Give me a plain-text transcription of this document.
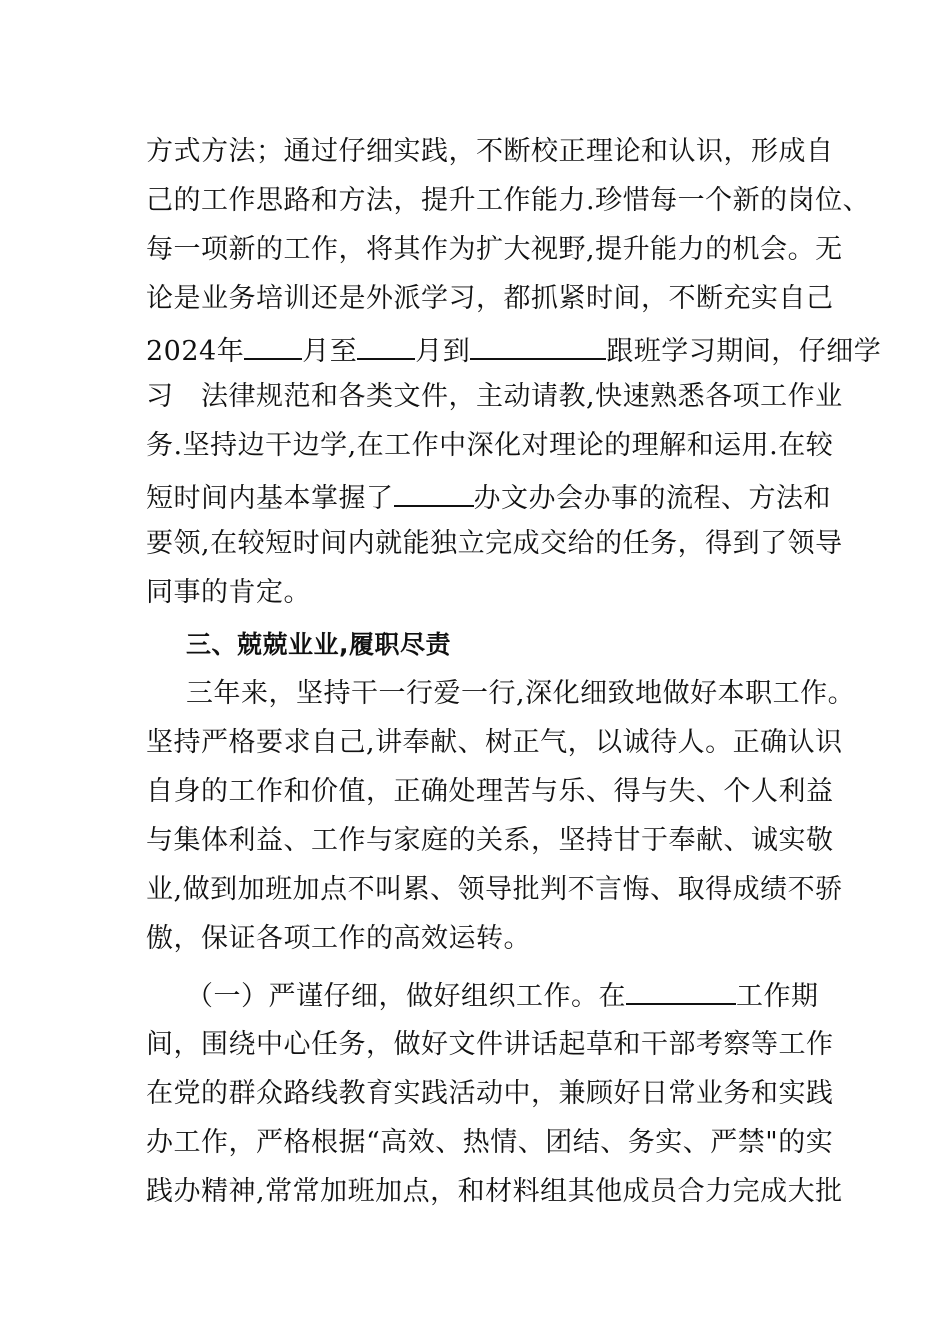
方式方法；通过仔细实践，不断校正理论和认识，形成自
己的工作思路和方法，提升工作能力.珍惜每一个新的岗位、
每一项新的工作，将其作为扩大视野,提升能力的机会。无
论是业务培训还是外派学习，都抓紧时间，不断充实自己
2024年 月至 月到	跟班学习期间，仔细学
习　法律规范和各类文件，主动请教,快速熟悉各项工作业
务.坚持边干边学,在工作中深化对理论的理解和运用.在较
短时间内基本掌握了	办文办会办事的流程、方法和
要领,在较短时间内就能独立完成交给的任务，得到了领导
同事的肯定。
三、兢兢业业,履职尽责
三年来，坚持干一行爱一行,深化细致地做好本职工作。
坚持严格要求自己,讲奉献、树正气，以诚待人。正确认识
自身的工作和价值，正确处理苦与乐、得与失、个人利益
与集体利益、工作与家庭的关系，坚持甘于奉献、诚实敬
业,做到加班加点不叫累、领导批判不言悔、取得成绩不骄
傲，保证各项工作的高效运转。
（一）严谨仔细，做好组织工作。在	工作期
间，围绕中心任务，做好文件讲话起草和干部考察等工作
在党的群众路线教育实践活动中，兼顾好日常业务和实践
办工作，严格根据“高效、热情、团结、务实、严禁"的实
践办精神,常常加班加点，和材料组其他成员合力完成大批
